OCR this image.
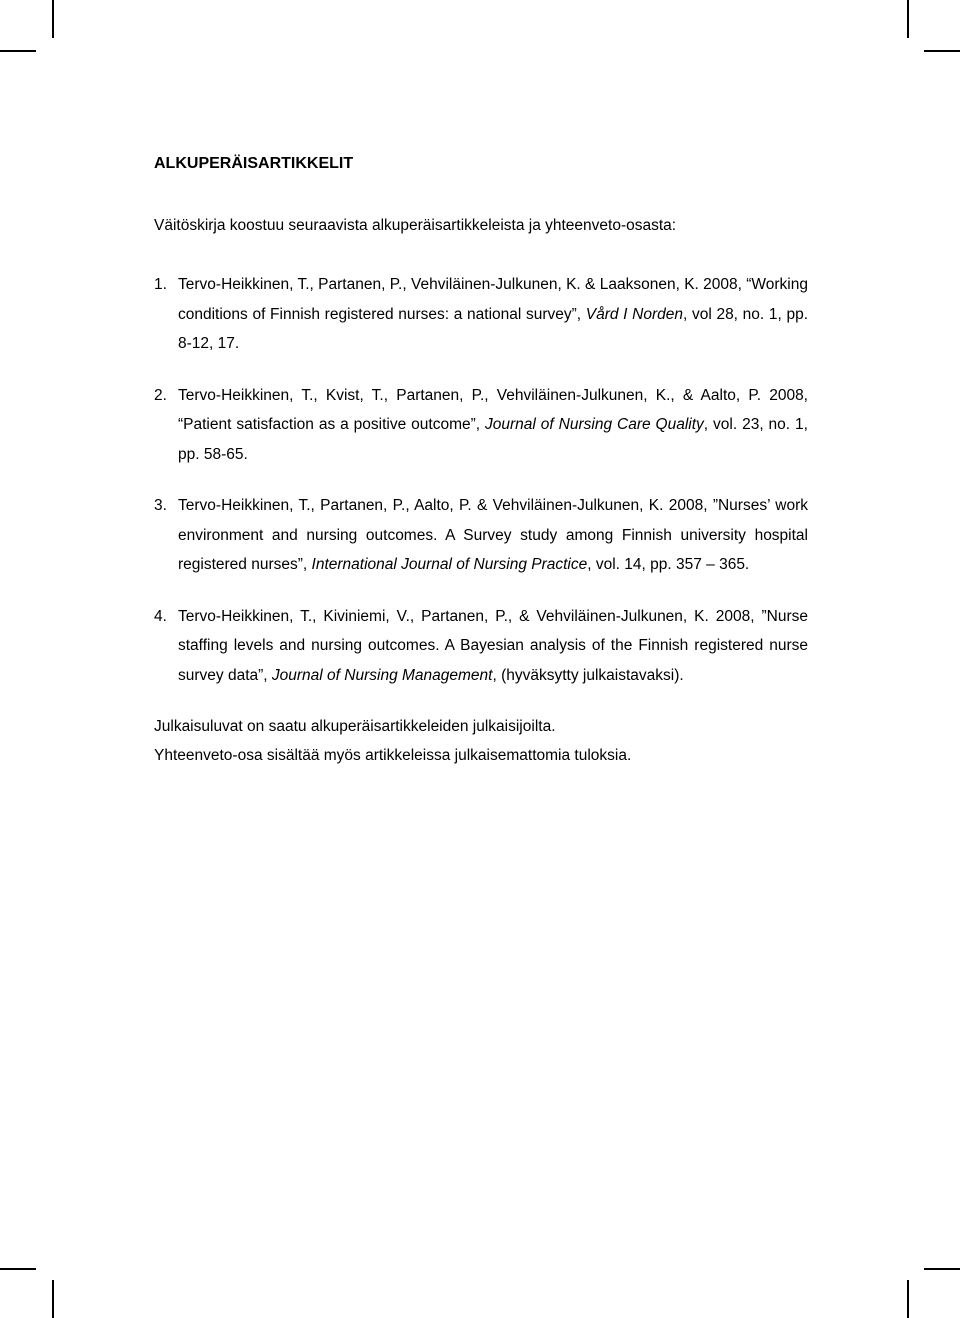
ALKUPERÄISARTIKKELIT

Väitöskirja koostuu seuraavista alkuperäisartikkeleista ja yhteenveto-osasta:

1. Tervo-Heikkinen, T., Partanen, P., Vehviläinen-Julkunen, K. & Laaksonen, K. 2008, “Working conditions of Finnish registered nurses: a national survey”, Vård I Norden, vol 28, no. 1, pp. 8-12, 17.
2. Tervo-Heikkinen, T., Kvist, T., Partanen, P., Vehviläinen-Julkunen, K., & Aalto, P. 2008, “Patient satisfaction as a positive outcome”, Journal of Nursing Care Quality, vol. 23, no. 1, pp. 58-65.
3. Tervo-Heikkinen, T., Partanen, P., Aalto, P. & Vehviläinen-Julkunen, K. 2008, ”Nurses’ work environment and nursing outcomes. A Survey study among Finnish university hospital registered nurses”, International Journal of Nursing Practice, vol. 14, pp. 357 – 365.
4. Tervo-Heikkinen, T., Kiviniemi, V., Partanen, P., & Vehviläinen-Julkunen, K. 2008, ”Nurse staffing levels and nursing outcomes. A Bayesian analysis of the Finnish registered nurse survey data”, Journal of Nursing Management, (hyväksytty julkaistavaksi).

Julkaisuluvat on saatu alkuperäisartikkeleiden julkaisijoilta.

Yhteenveto-osa sisältää myös artikkeleissa julkaisemattomia tuloksia.
